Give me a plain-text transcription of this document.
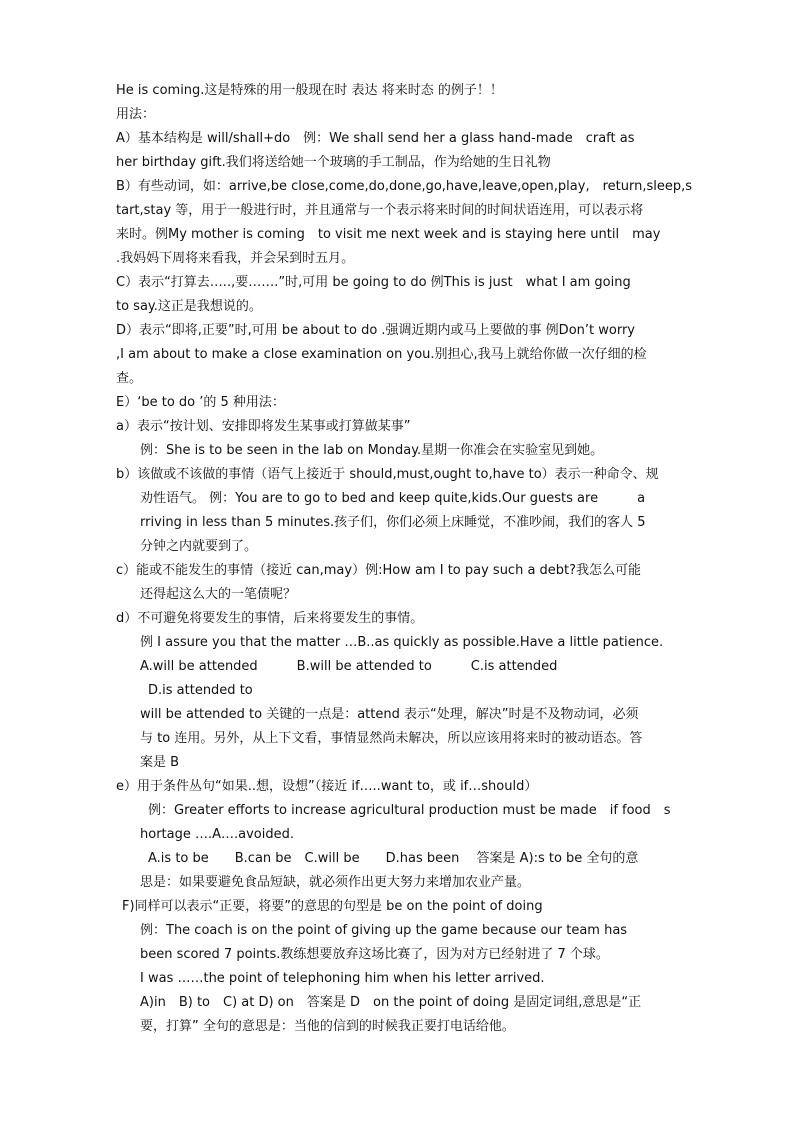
He is coming.这是特殊的用一般现在时 表达 将来时态 的例子！！
用法：
A）基本结构是 will/shall+do　例：We shall send her a glass hand-made　craft as
her birthday gift.我们将送给她一个玻璃的手工制品，作为给她的生日礼物
B）有些动词，如：arrive,be close,come,do,done,go,have,leave,open,play,　return,sleep,s
tart,stay 等，用于一般进行时，并且通常与一个表示将来时间的时间状语连用，可以表示将
来时。例My mother is coming　to visit me next week and is staying here until　may
.我妈妈下周将来看我，并会呆到时五月。
C）表示“打算去…..,要…….”时,可用 be going to do 例This is just　what I am going
to say.这正是我想说的。
D）表示“即将,正要”时,可用 be about to do .强调近期内或马上要做的事 例Don’t worry
,I am about to make a close examination on you.别担心,我马上就给你做一次仔细的检
查。
E）‘be to do ’的 5 种用法：
a）表示“按计划、安排即将发生某事或打算做某事”
例：She is to be seen in the lab on Monday.星期一你准会在实验室见到她。
b）该做或不该做的事情（语气上接近于 should,must,ought to,have to）表示一种命令、规
劝性语气。 例：You are to go to bed and keep quite,kids.Our guests are　　　a
rriving in less than 5 minutes.孩子们，你们必须上床睡觉，不准吵闹，我们的客人 5
分钟之内就要到了。
c）能或不能发生的事情（接近 can,may）例:How am I to pay such a debt?我怎么可能
还得起这么大的一笔债呢？
d）不可避免将要发生的事情，后来将要发生的事情。
例 I assure you that the matter …B..as quickly as possible.Have a little patience.
A.will be attended　　　B.will be attended to　　　C.is attended
D.is attended to
will be attended to 关键的一点是：attend 表示“处理，解决”时是不及物动词，必须
与 to 连用。另外，从上下文看，事情显然尚未解决，所以应该用将来时的被动语态。答
案是 B
e）用于条件丛句“如果..想，设想”（接近 if…..want to，或 if…should）
例：Greater efforts to increase agricultural production must be made　if food　s
hortage ….A….avoided.
A.is to be　　B.can be　C.will be　　D.has been　 答案是 A):s to be 全句的意
思是：如果要避免食品短缺，就必须作出更大努力来增加农业产量。
F)同样可以表示“正要，将要”的意思的句型是 be on the point of doing
例：The coach is on the point of giving up the game because our team has
been scored 7 points.教练想要放弃这场比赛了，因为对方已经射进了 7 个球。
I was ……the point of telephoning him when his letter arrived.
A)in　B) to　C) at D) on　答案是 D　on the point of doing 是固定词组,意思是“正
要，打算” 全句的意思是：当他的信到的时候我正要打电话给他。
